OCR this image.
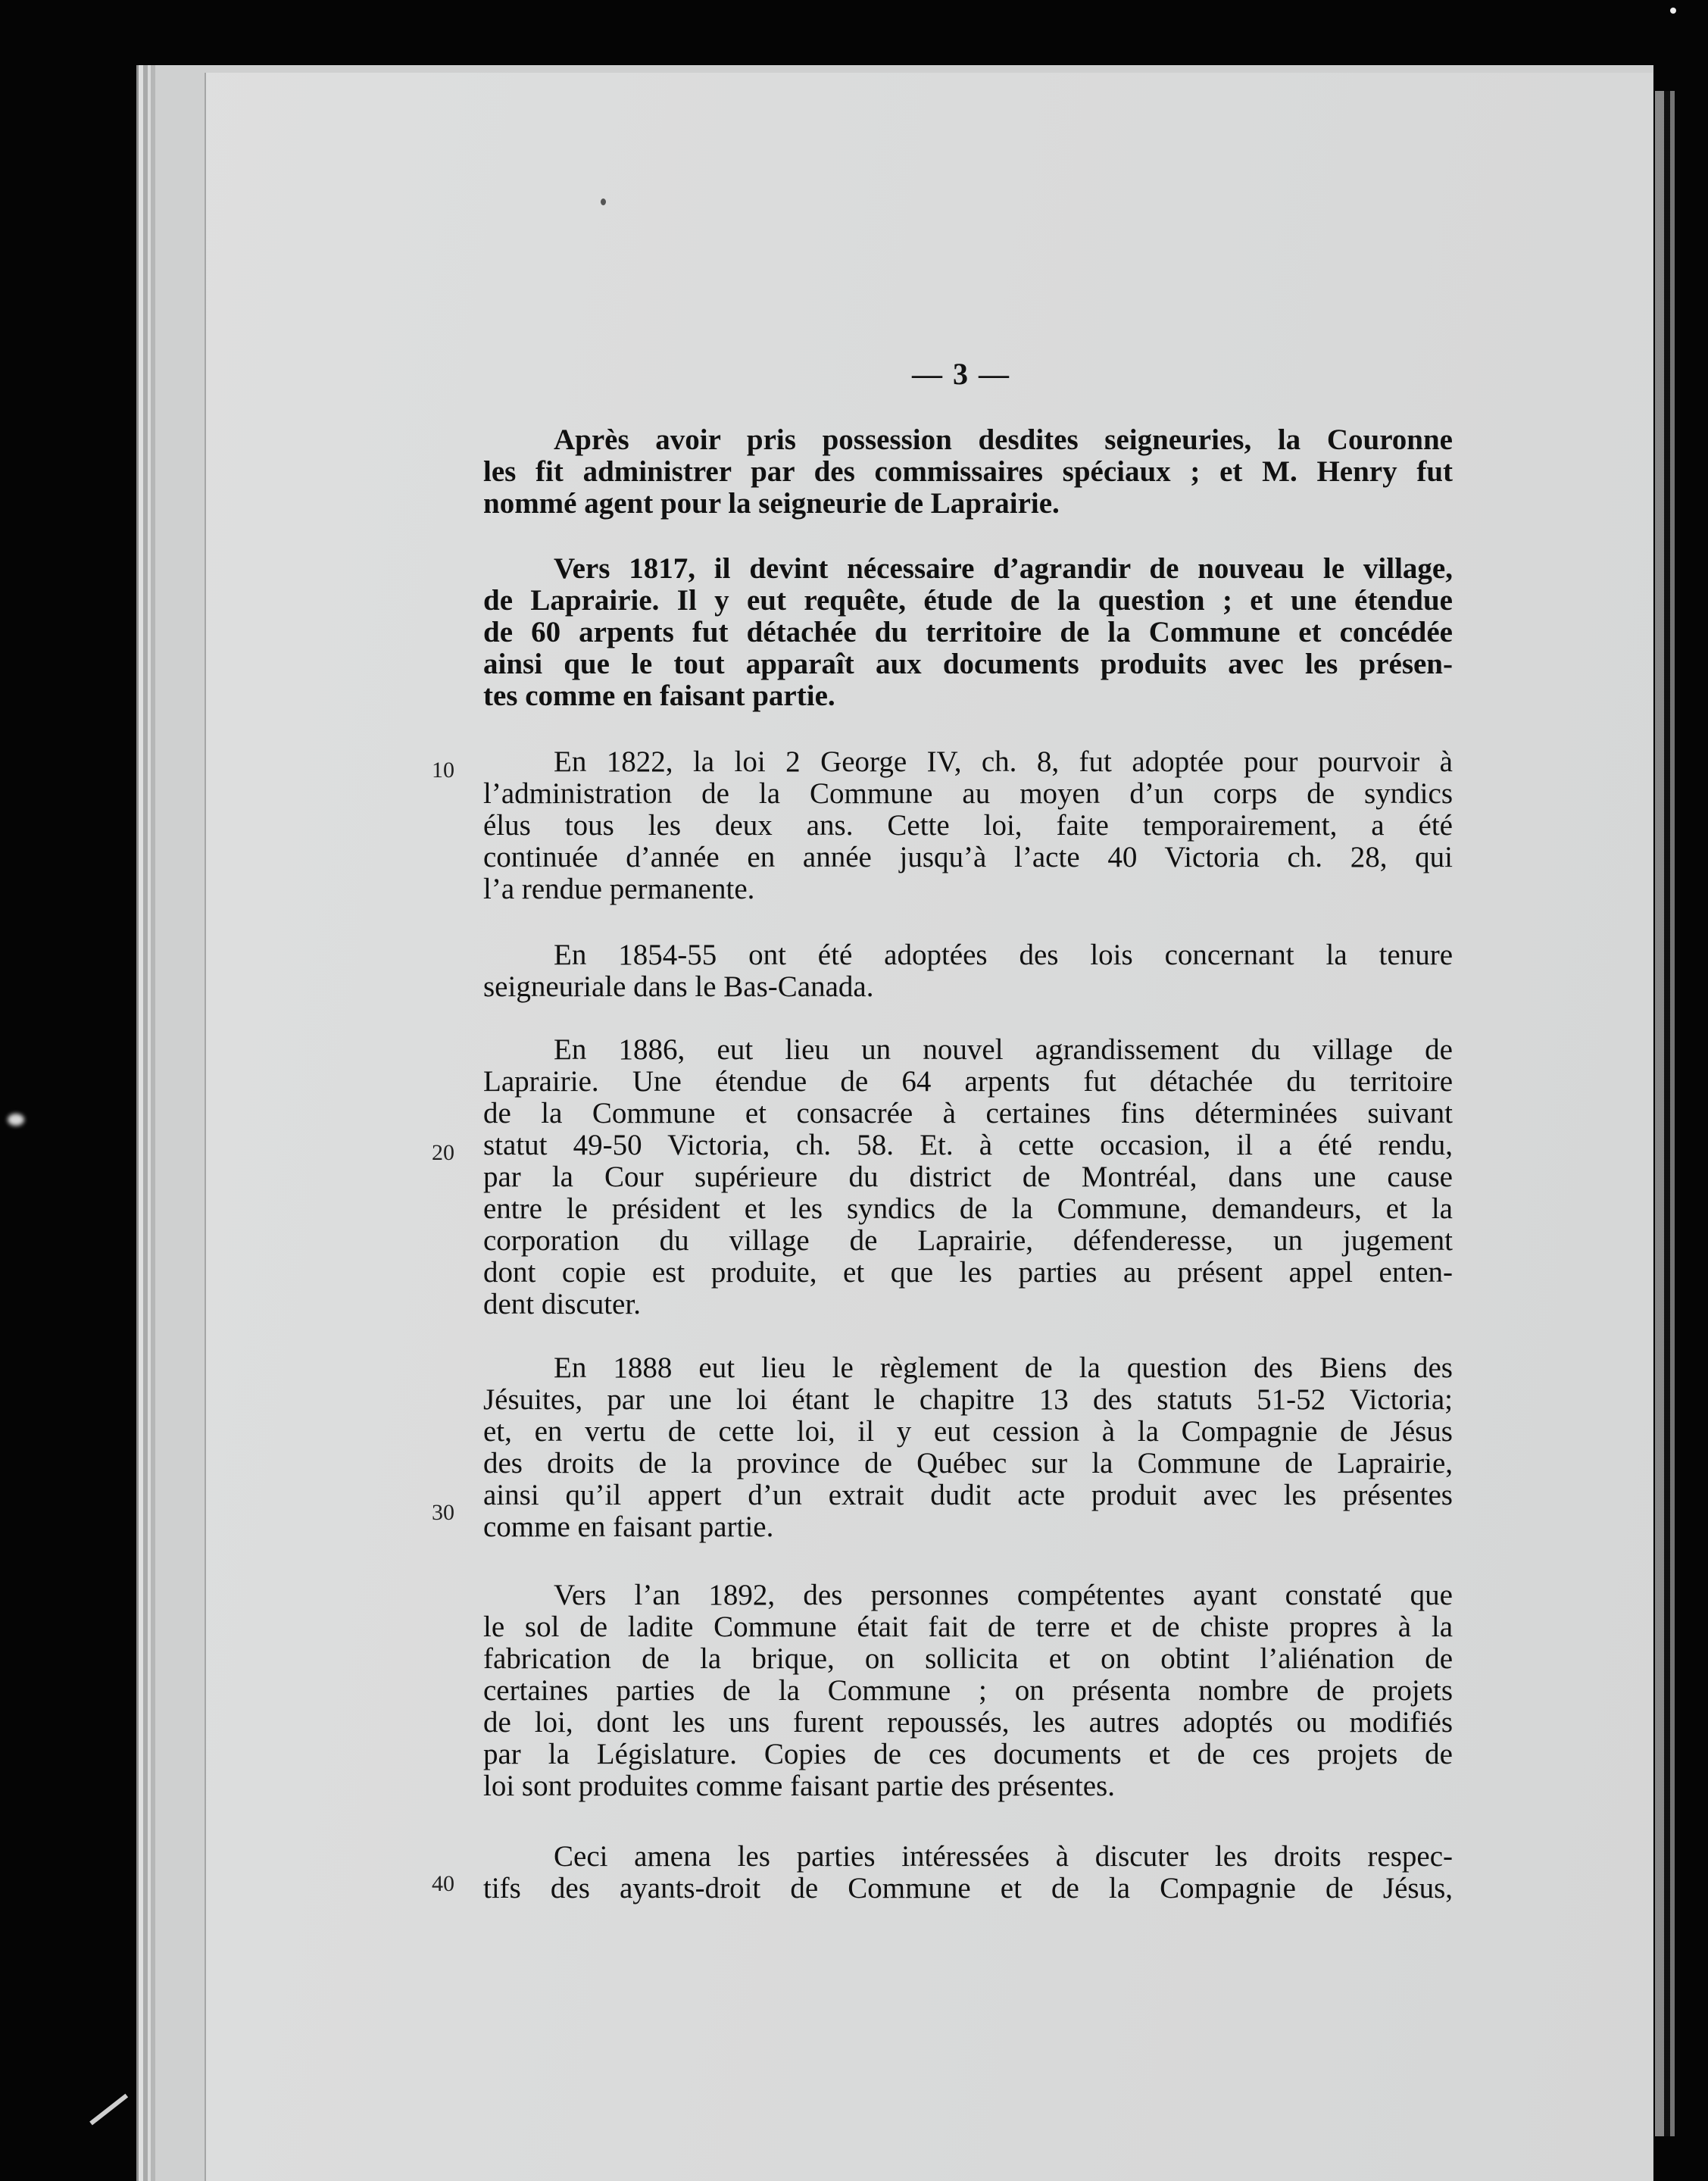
— 3 —
Après avoir pris possession desdites seigneuries, la Couronne
les fit administrer par des commissaires spéciaux ; et M. Henry fut
nommé agent pour la seigneurie de Laprairie.
Vers 1817, il devint nécessaire d’agrandir de nouveau le village,
de Laprairie. Il y eut requête, étude de la question ; et une étendue
de 60 arpents fut détachée du territoire de la Commune et concédée
ainsi que le tout apparaît aux documents produits avec les présen-
tes comme en faisant partie.
10	En 1822, la loi 2 George IV, ch. 8, fut adoptée pour pourvoir à
l’administration de la Commune au moyen d’un corps de syndics
élus tous les deux ans. Cette loi, faite temporairement, a été
continuée d’année en année jusqu’à l’acte 40 Victoria ch. 28, qui
l’a rendue permanente.
En 1854-55 ont été adoptées des lois concernant la tenure
seigneuriale dans le Bas-Canada.
En 1886, eut lieu un nouvel agrandissement du village de
Laprairie. Une étendue de 64 arpents fut détachée du territoire
de la Commune et consacrée à certaines fins déterminées suivant
statut 49-50 Victoria, ch. 58. Et. à cette occasion, il a été rendu,
par la Cour supérieure du district de Montréal, dans une cause
entre le président et les syndics de la Commune, demandeurs, et la
corporation du village de Laprairie, défenderesse, un jugement
dont copie est produite, et que les parties au présent appel enten-
dent discuter.
20
En 1888 eut lieu le règlement de la question des Biens des
Jésuites, par une loi étant le chapitre 13 des statuts 51-52 Victoria;
et, en vertu de cette loi, il y eut cession à la Compagnie de Jésus
des droits de la province de Québec sur la Commune de Laprairie,
ainsi qu’il appert d’un extrait dudit acte produit avec les présentes
comme en faisant partie.
30
Vers l’an 1892, des personnes compétentes ayant constaté que
le sol de ladite Commune était fait de terre et de chiste propres à la
fabrication de la brique, on sollicita et on obtint l’aliénation de
certaines parties de la Commune ; on présenta nombre de projets
de loi, dont les uns furent repoussés, les autres adoptés ou modifiés
par la Législature. Copies de ces documents et de ces projets de
loi sont produites comme faisant partie des présentes.
40
Ceci amena les parties intéressées à discuter les droits respec-
tifs des ayants-droit de Commune et de la Compagnie de Jésus,
